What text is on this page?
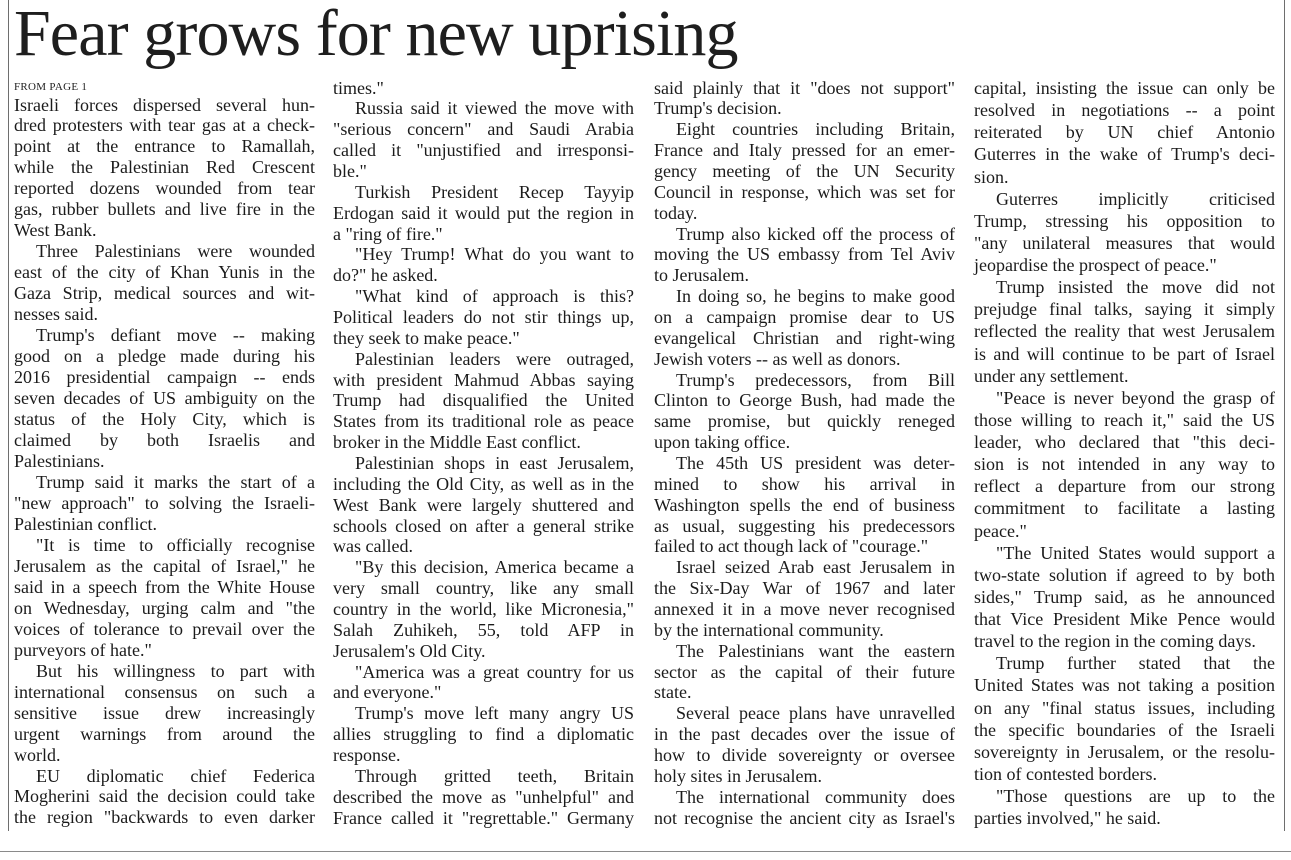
Fear grows for new uprising
FROM PAGE 1
Israeli forces dispersed several hun-
dred protesters with tear gas at a check-
point at the entrance to Ramallah,
while the Palestinian Red Crescent
reported dozens wounded from tear
gas, rubber bullets and live fire in the
West Bank.
Three Palestinians were wounded
east of the city of Khan Yunis in the
Gaza Strip, medical sources and wit-
nesses said.
Trump's defiant move -- making
good on a pledge made during his
2016 presidential campaign -- ends
seven decades of US ambiguity on the
status of the Holy City, which is
claimed by both Israelis and
Palestinians.
Trump said it marks the start of a
"new approach" to solving the Israeli-
Palestinian conflict.
"It is time to officially recognise
Jerusalem as the capital of Israel," he
said in a speech from the White House
on Wednesday, urging calm and "the
voices of tolerance to prevail over the
purveyors of hate."
But his willingness to part with
international consensus on such a
sensitive issue drew increasingly
urgent warnings from around the
world.
EU diplomatic chief Federica
Mogherini said the decision could take
the region "backwards to even darker
times."
Russia said it viewed the move with
"serious concern" and Saudi Arabia
called it "unjustified and irresponsi-
ble."
Turkish President Recep Tayyip
Erdogan said it would put the region in
a "ring of fire."
"Hey Trump! What do you want to
do?" he asked.
"What kind of approach is this?
Political leaders do not stir things up,
they seek to make peace."
Palestinian leaders were outraged,
with president Mahmud Abbas saying
Trump had disqualified the United
States from its traditional role as peace
broker in the Middle East conflict.
Palestinian shops in east Jerusalem,
including the Old City, as well as in the
West Bank were largely shuttered and
schools closed on after a general strike
was called.
"By this decision, America became a
very small country, like any small
country in the world, like Micronesia,"
Salah Zuhikeh, 55, told AFP in
Jerusalem's Old City.
"America was a great country for us
and everyone."
Trump's move left many angry US
allies struggling to find a diplomatic
response.
Through gritted teeth, Britain
described the move as "unhelpful" and
France called it "regrettable." Germany
said plainly that it "does not support"
Trump's decision.
Eight countries including Britain,
France and Italy pressed for an emer-
gency meeting of the UN Security
Council in response, which was set for
today.
Trump also kicked off the process of
moving the US embassy from Tel Aviv
to Jerusalem.
In doing so, he begins to make good
on a campaign promise dear to US
evangelical Christian and right-wing
Jewish voters -- as well as donors.
Trump's predecessors, from Bill
Clinton to George Bush, had made the
same promise, but quickly reneged
upon taking office.
The 45th US president was deter-
mined to show his arrival in
Washington spells the end of business
as usual, suggesting his predecessors
failed to act though lack of "courage."
Israel seized Arab east Jerusalem in
the Six-Day War of 1967 and later
annexed it in a move never recognised
by the international community.
The Palestinians want the eastern
sector as the capital of their future
state.
Several peace plans have unravelled
in the past decades over the issue of
how to divide sovereignty or oversee
holy sites in Jerusalem.
The international community does
not recognise the ancient city as Israel's
capital, insisting the issue can only be
resolved in negotiations -- a point
reiterated by UN chief Antonio
Guterres in the wake of Trump's deci-
sion.
Guterres implicitly criticised
Trump, stressing his opposition to
"any unilateral measures that would
jeopardise the prospect of peace."
Trump insisted the move did not
prejudge final talks, saying it simply
reflected the reality that west Jerusalem
is and will continue to be part of Israel
under any settlement.
"Peace is never beyond the grasp of
those willing to reach it," said the US
leader, who declared that "this deci-
sion is not intended in any way to
reflect a departure from our strong
commitment to facilitate a lasting
peace."
"The United States would support a
two-state solution if agreed to by both
sides," Trump said, as he announced
that Vice President Mike Pence would
travel to the region in the coming days.
Trump further stated that the
United States was not taking a position
on any "final status issues, including
the specific boundaries of the Israeli
sovereignty in Jerusalem, or the resolu-
tion of contested borders.
"Those questions are up to the
parties involved," he said.
